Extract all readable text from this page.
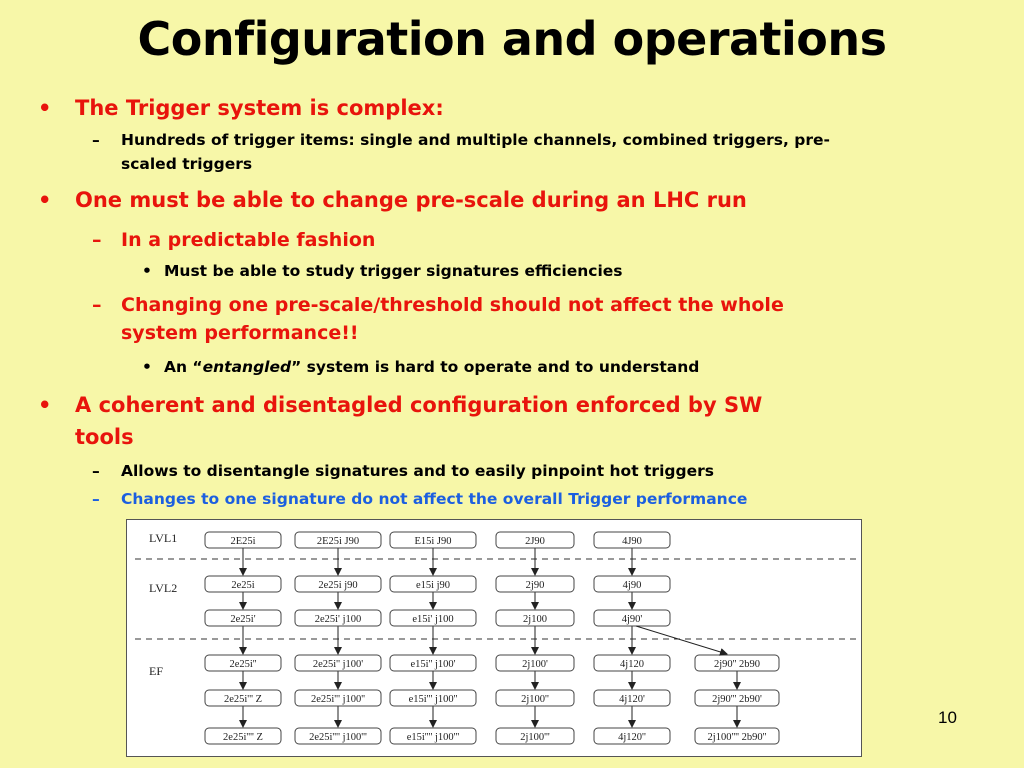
Configuration and operations
• The Trigger system is complex:
– Hundreds of trigger items: single and multiple channels, combined triggers, pre-
scaled triggers
• One must be able to change pre-scale during an LHC run
– In a predictable fashion
• Must be able to study trigger signatures efficiencies
– Changing one pre-scale/threshold should not affect the whole
system performance!!
• An “entangled” system is hard to operate and to understand
• A coherent and disentagled configuration enforced by SW
tools
– Allows to disentangle signatures and to easily pinpoint hot triggers
– Changes to one signature do not affect the overall Trigger performance
LVL1
LVL2
EF
2E25i
2e25i
2e25i'
2e25i''
2e25i''' Z
2e25i'''' Z
2E25i J90
2e25i j90
2e25i' j100
2e25i'' j100'
2e25i''' j100''
2e25i'''' j100'''
E15i J90
e15i j90
e15i' j100
e15i'' j100'
e15i''' j100''
e15i'''' j100'''
2J90
2j90
2j100
2j100'
2j100''
2j100'''
4J90
4j90
4j90'
4j120
4j120'
4j120''
2j90'' 2b90
2j90''' 2b90'
2j100'''' 2b90''
10
